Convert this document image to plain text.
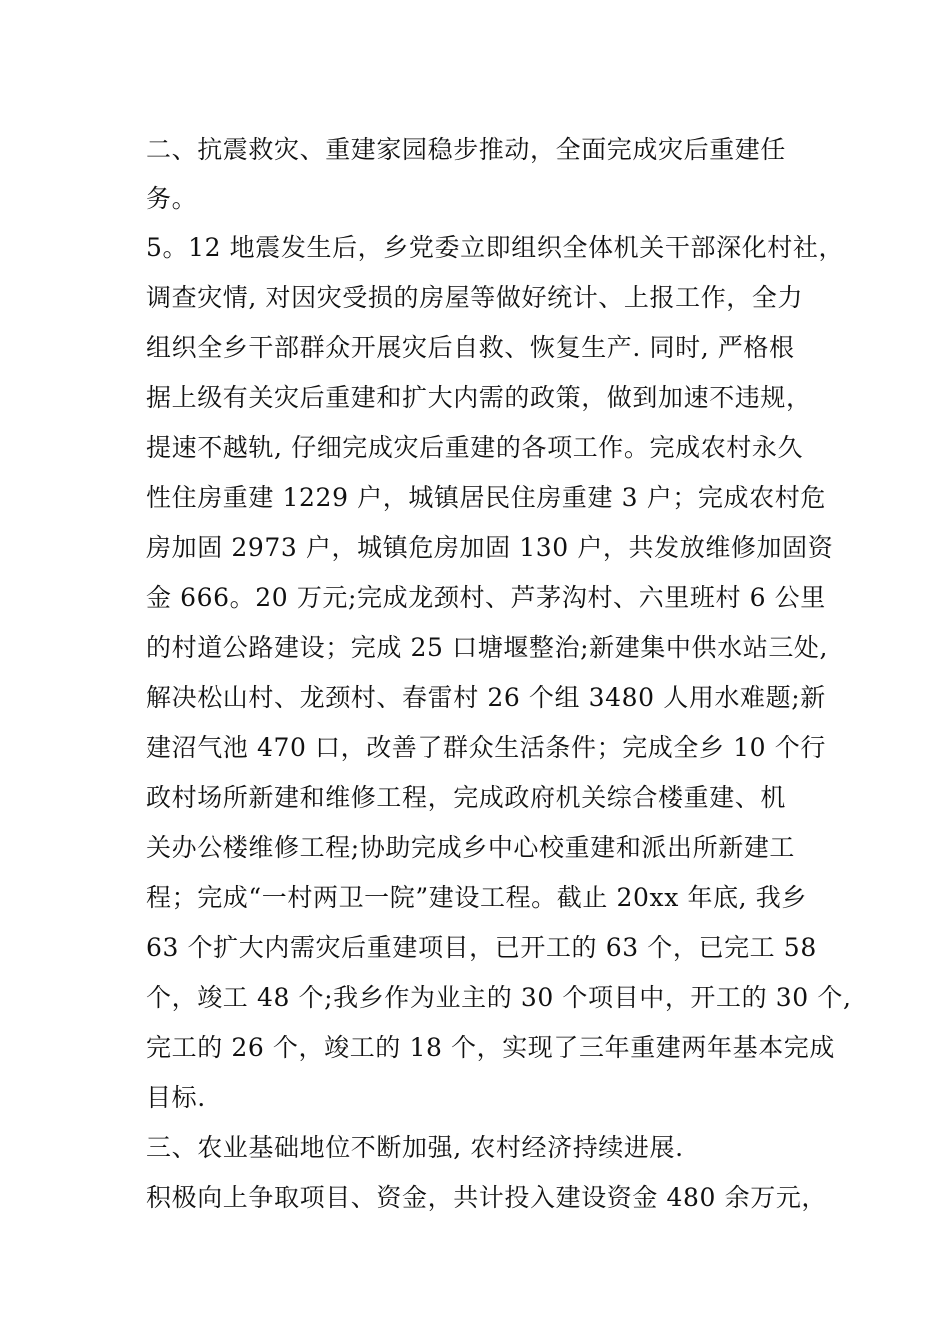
二、抗震救灾、重建家园稳步推动，全面完成灾后重建任
务。
5。12 地震发生后，乡党委立即组织全体机关干部深化村社，
调查灾情, 对因灾受损的房屋等做好统计、上报工作，全力
组织全乡干部群众开展灾后自救、恢复生产. 同时, 严格根
据上级有关灾后重建和扩大内需的政策，做到加速不违规，
提速不越轨, 仔细完成灾后重建的各项工作。完成农村永久
性住房重建 1229 户，城镇居民住房重建 3 户；完成农村危
房加固 2973 户，城镇危房加固 130 户，共发放维修加固资
金 666。20 万元;完成龙颈村、芦茅沟村、六里班村 6 公里
的村道公路建设；完成 25 口塘堰整治;新建集中供水站三处,
解决松山村、龙颈村、春雷村 26 个组 3480 人用水难题;新
建沼气池 470 口，改善了群众生活条件；完成全乡 10 个行
政村场所新建和维修工程，完成政府机关综合楼重建、机
关办公楼维修工程;协助完成乡中心校重建和派出所新建工
程；完成“一村两卫一院”建设工程。截止 20xx 年底, 我乡
63 个扩大内需灾后重建项目，已开工的 63 个，已完工 58
个，竣工 48 个;我乡作为业主的 30 个项目中，开工的 30 个,
完工的 26 个，竣工的 18 个，实现了三年重建两年基本完成
目标.
三、农业基础地位不断加强, 农村经济持续进展.
积极向上争取项目、资金，共计投入建设资金 480 余万元，
